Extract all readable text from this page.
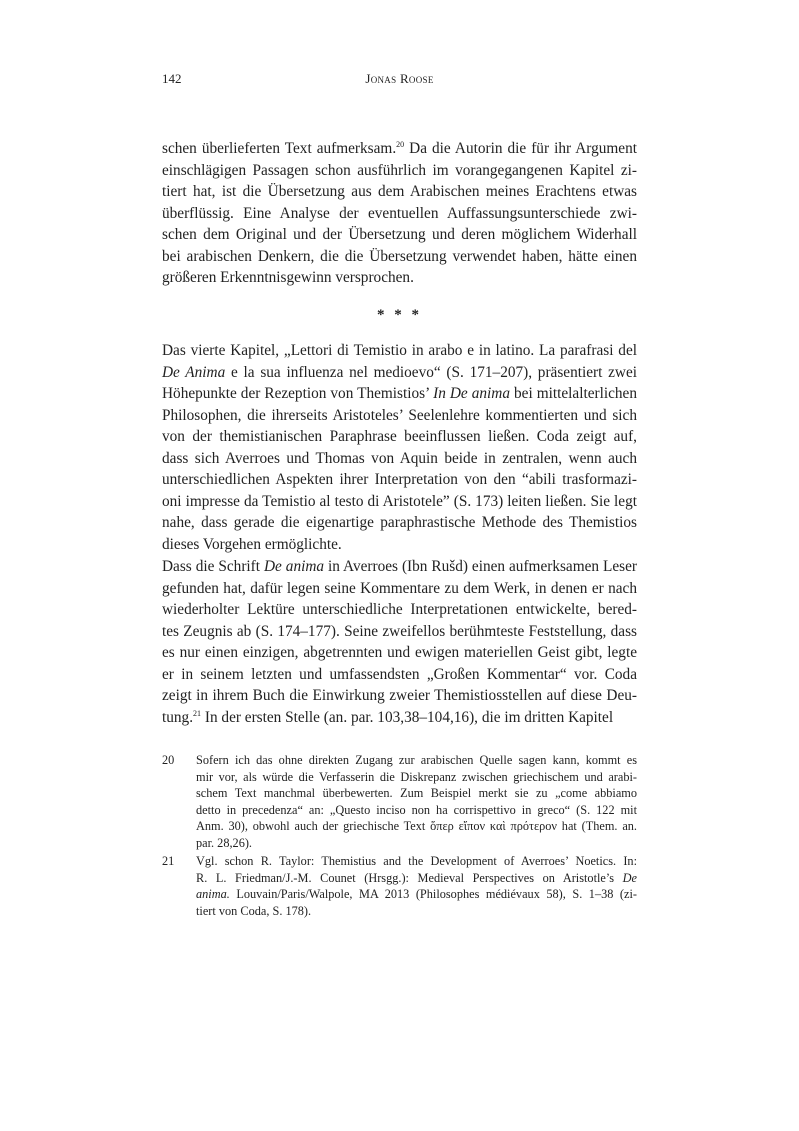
142	Jonas Roose
schen überlieferten Text aufmerksam.$^{20}$ Da die Autorin die für ihr Argument
einschlägigen Passagen schon ausführlich im vorangegangenen Kapitel zi-
tiert hat, ist die Übersetzung aus dem Arabischen meines Erachtens etwas
überflüssig. Eine Analyse der eventuellen Auffassungsunterschiede zwi-
schen dem Original und der Übersetzung und deren möglichem Widerhall
bei arabischen Denkern, die die Übersetzung verwendet haben, hätte einen
größeren Erkenntnisgewinn versprochen.
* * *
Das vierte Kapitel, „Lettori di Temistio in arabo e in latino. La parafrasi del
De Anima e la sua influenza nel medioevo“ (S. 171–207), präsentiert zwei
Höhepunkte der Rezeption von Themistios’ In De anima bei mittelalterlichen
Philosophen, die ihrerseits Aristoteles’ Seelenlehre kommentierten und sich
von der themistianischen Paraphrase beeinflussen ließen. Coda zeigt auf,
dass sich Averroes und Thomas von Aquin beide in zentralen, wenn auch
unterschiedlichen Aspekten ihrer Interpretation von den “abili trasformazi-
oni impresse da Temistio al testo di Aristotele” (S. 173) leiten ließen. Sie legt
nahe, dass gerade die eigenartige paraphrastische Methode des Themistios
dieses Vorgehen ermöglichte.
Dass die Schrift De anima in Averroes (Ibn Rušd) einen aufmerksamen Leser
gefunden hat, dafür legen seine Kommentare zu dem Werk, in denen er nach
wiederholter Lektüre unterschiedliche Interpretationen entwickelte, bered-
tes Zeugnis ab (S. 174–177). Seine zweifellos berühmteste Feststellung, dass
es nur einen einzigen, abgetrennten und ewigen materiellen Geist gibt, legte
er in seinem letzten und umfassendsten „Großen Kommentar“ vor. Coda
zeigt in ihrem Buch die Einwirkung zweier Themistiosstellen auf diese Deu-
tung.$^{21}$ In der ersten Stelle (an. par. 103,38–104,16), die im dritten Kapitel
20 Sofern ich das ohne direkten Zugang zur arabischen Quelle sagen kann, kommt es
mir vor, als würde die Verfasserin die Diskrepanz zwischen griechischem und arabi-
schem Text manchmal überbewerten. Zum Beispiel merkt sie zu „come abbiamo
detto in precedenza“ an: „Questo inciso non ha corrispettivo in greco“ (S. 122 mit
Anm. 30), obwohl auch der griechische Text ὅπερ εἴπον καὶ πρότερον hat (Them. an.
par. 28,26).
21 Vgl. schon R. Taylor: Themistius and the Development of Averroes’ Noetics. In:
R. L. Friedman/J.-M. Counet (Hrsgg.): Medieval Perspectives on Aristotle’s De
anima. Louvain/Paris/Walpole, MA 2013 (Philosophes médiévaux 58), S. 1–38 (zi-
tiert von Coda, S. 178).
